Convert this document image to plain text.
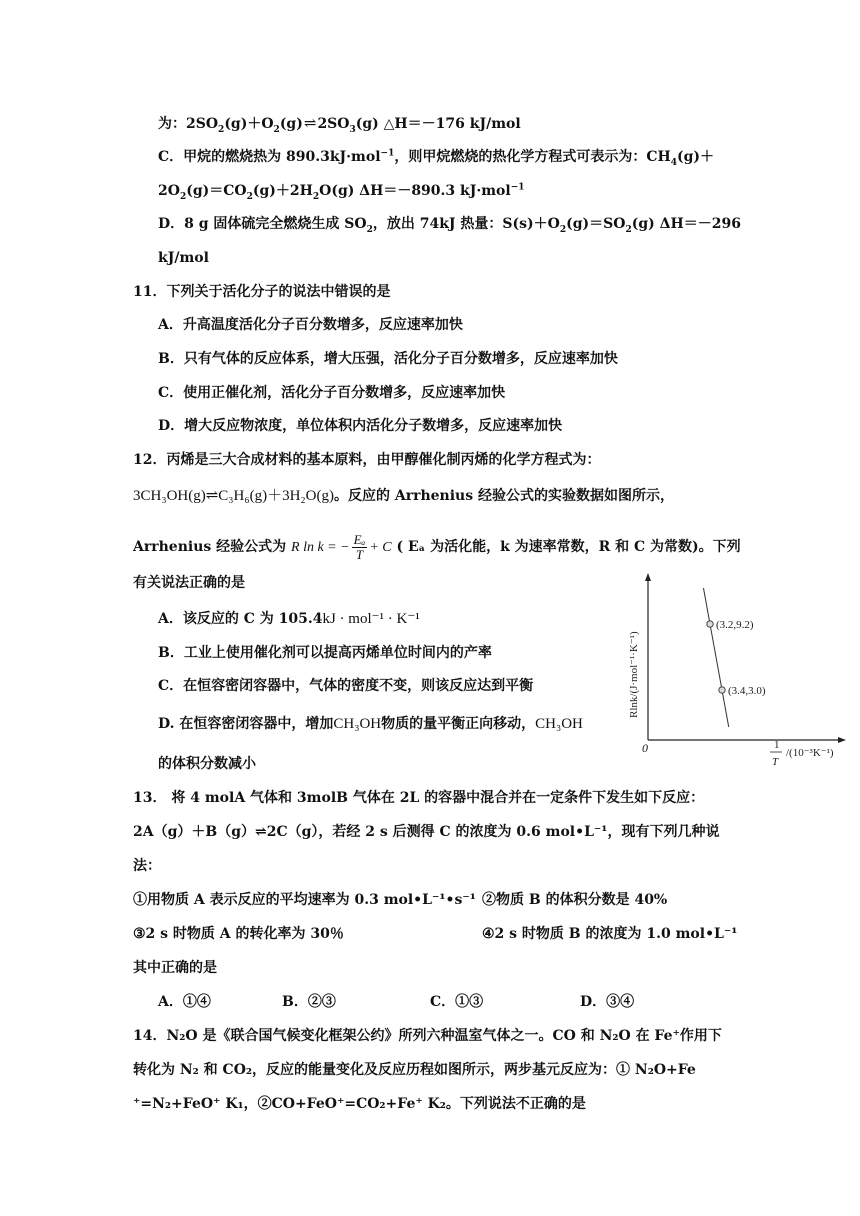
为：$2SO_2(g)+O_2(g)\rightleftharpoons 2SO_3(g)$ △H＝－176 kJ/mol
C．甲烷的燃烧热为 890.3kJ·mol$^{-1}$，则甲烷燃烧的热化学方程式可表示为：$CH_4(g)+$
$2O_2(g)=CO_2(g)+2H_2O(g)$ ΔH＝－890.3 kJ·mol$^{-1}$
D．8 g 固体硫完全燃烧生成 $SO_2$，放出 74kJ 热量：$S(s)+O_2(g)=SO_2(g)$ ΔH＝－296
kJ/mol
11．下列关于活化分子的说法中错误的是
A．升高温度活化分子百分数增多，反应速率加快
B．只有气体的反应体系，增大压强，活化分子百分数增多，反应速率加快
C．使用正催化剂，活化分子百分数增多，反应速率加快
D．增大反应物浓度，单位体积内活化分子数增多，反应速率加快
12．丙烯是三大合成材料的基本原料，由甲醇催化制丙烯的化学方程式为：
3CH₃OH(g)⇌C₃H₆(g)＋3H₂O(g)。反应的 Arrhenius 经验公式的实验数据如图所示，
Arrhenius 经验公式为 R ln k = − $\frac{\text{Eₐ}}{T} + C$ ( Eₐ 为活化能，k 为速率常数，R 和 C 为常数)。下列
有关说法正确的是
A．该反应的 C 为 105.4kJ · mol⁻¹ · K⁻¹
B．工业上使用催化剂可以提高丙烯单位时间内的产率
C．在恒容密闭容器中，气体的密度不变，则该反应达到平衡
D. 在恒容密闭容器中，增加CH₃OH物质的量平衡正向移动，CH₃OH
的体积分数减小
0
Rlnk/(J·mol⁻¹·K⁻¹)
1
T
/(10⁻³K⁻¹)
(3.2,9.2)
(3.4,3.0)
13． 将 4 molA 气体和 3molB 气体在 2L 的容器中混合并在一定条件下发生如下反应：
2A（g）＋B（g）⇌2C（g），若经 2 s 后测得 C 的浓度为 0.6 mol•L⁻¹，现有下列几种说
法：
①用物质 A 表示反应的平均速率为 0.3 mol•L⁻¹•s⁻¹ ②物质 B 的体积分数是 40%
③2 s 时物质 A 的转化率为 30％	④2 s 时物质 B 的浓度为 1.0 mol•L⁻¹
其中正确的是
A．①④	B．②③	C．①③	D．③④
14．N₂O 是《联合国气候变化框架公约》所列六种温室气体之一。CO 和 N₂O 在 Fe⁺作用下
转化为 N₂ 和 CO₂，反应的能量变化及反应历程如图所示，两步基元反应为：① N₂O+Fe
⁺=N₂+FeO⁺ K₁，②CO+FeO⁺=CO₂+Fe⁺ K₂。下列说法不正确的是
